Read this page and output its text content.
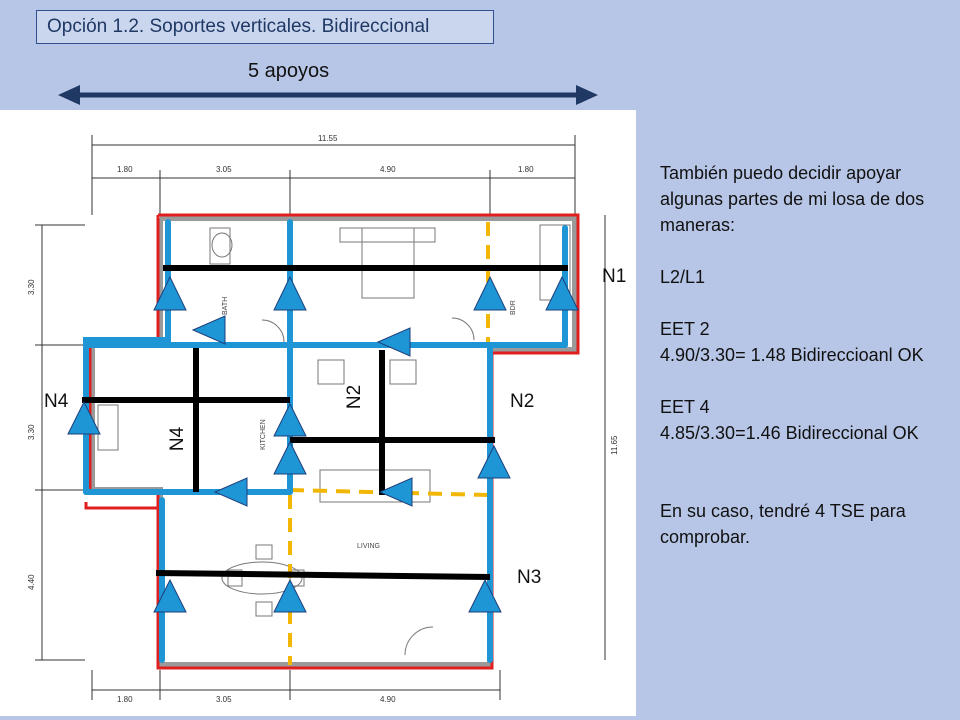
Opción 1.2. Soportes verticales. Bidireccional
5 apoyos
11.55
1.80	3.05	4.90	1.80
1.80	3.05	4.90
3.30
3.30
4.40
11.65
BATH	BDR
KITCHEN
LIVING
N1
N2
N3
N4	N2
N4

También puedo decidir apoyar algunas partes de mi losa de dos maneras:

L2/L1

EET 2

4.90/3.30= 1.48 Bidireccioanl OK

EET 4

4.85/3.30=1.46 Bidireccional OK

En su caso, tendré 4 TSE para comprobar.
